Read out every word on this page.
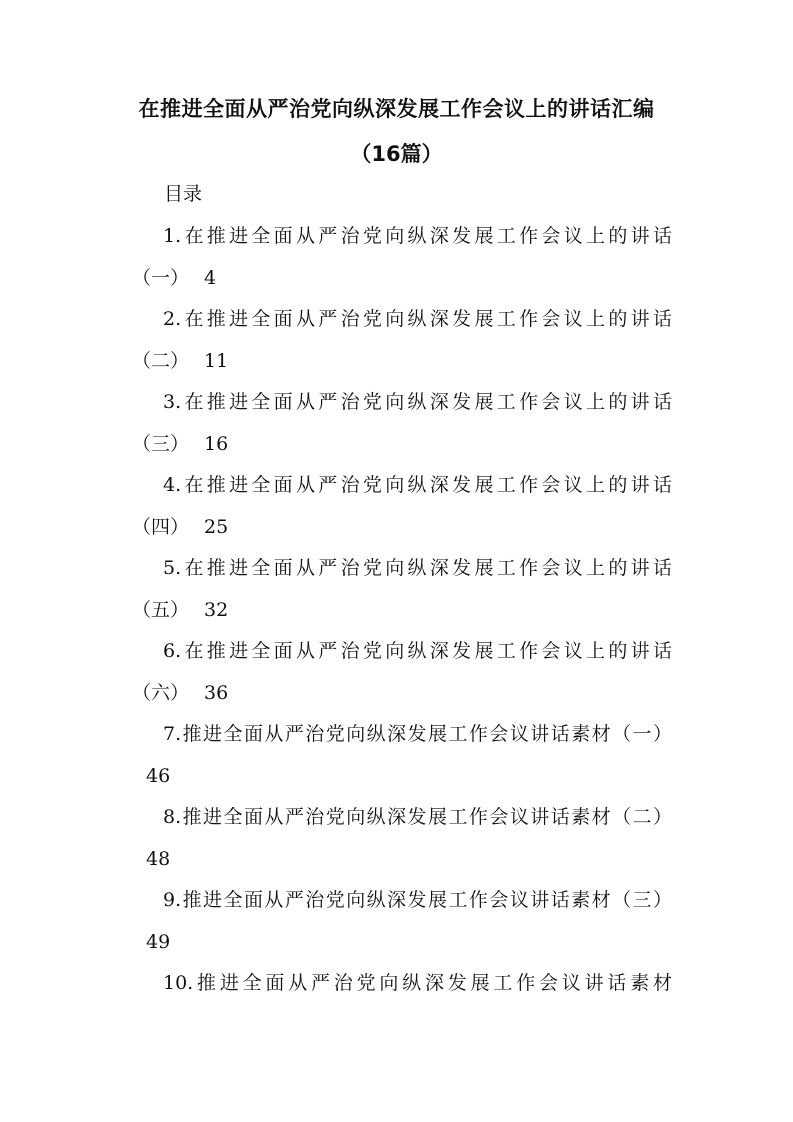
在推进全面从严治党向纵深发展工作会议上的讲话汇编
（16篇）
目录
1.在推进全面从严治党向纵深发展工作会议上的讲话
（一） 4
2.在推进全面从严治党向纵深发展工作会议上的讲话
（二） 11
3.在推进全面从严治党向纵深发展工作会议上的讲话
（三） 16
4.在推进全面从严治党向纵深发展工作会议上的讲话
（四） 25
5.在推进全面从严治党向纵深发展工作会议上的讲话
（五） 32
6.在推进全面从严治党向纵深发展工作会议上的讲话
（六） 36
7.推进全面从严治党向纵深发展工作会议讲话素材（一）
46
8.推进全面从严治党向纵深发展工作会议讲话素材（二）
48
9.推进全面从严治党向纵深发展工作会议讲话素材（三）
49
10.推进全面从严治党向纵深发展工作会议讲话素材
